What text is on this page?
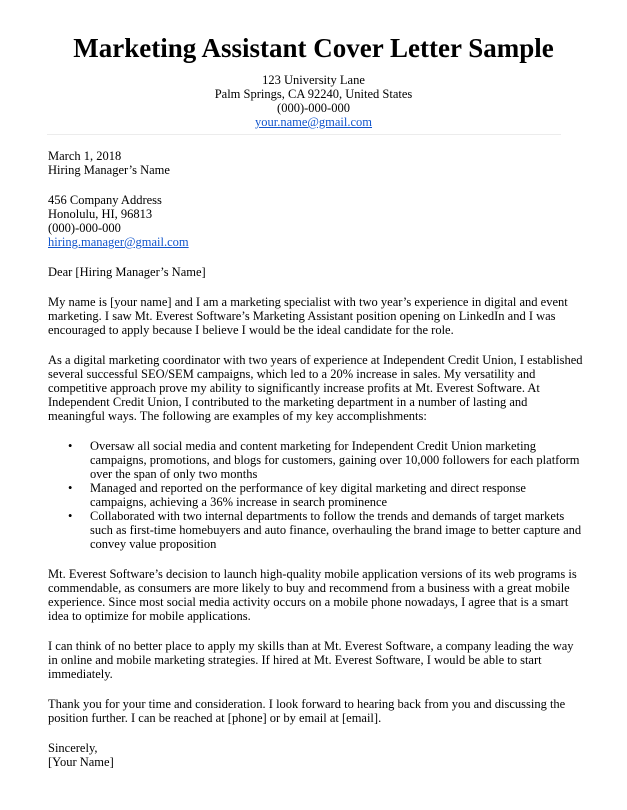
Marketing Assistant Cover Letter Sample
123 University Lane
Palm Springs, CA 92240, United States
(000)-000-000
your.name@gmail.com
March 1, 2018
Hiring Manager’s Name
456 Company Address
Honolulu, HI, 96813
(000)-000-000
hiring.manager@gmail.com
Dear [Hiring Manager’s Name]
My name is [your name] and I am a marketing specialist with two year’s experience in digital and event marketing. I saw Mt. Everest Software’s Marketing Assistant position opening on LinkedIn and I was encouraged to apply because I believe I would be the ideal candidate for the role.
As a digital marketing coordinator with two years of experience at Independent Credit Union, I established several successful SEO/SEM campaigns, which led to a 20% increase in sales. My versatility and competitive approach prove my ability to significantly increase profits at Mt. Everest Software. At Independent Credit Union, I contributed to the marketing department in a number of lasting and meaningful ways. The following are examples of my key accomplishments:
• Oversaw all social media and content marketing for Independent Credit Union marketing campaigns, promotions, and blogs for customers, gaining over 10,000 followers for each platform over the span of only two months
• Managed and reported on the performance of key digital marketing and direct response campaigns, achieving a 36% increase in search prominence
• Collaborated with two internal departments to follow the trends and demands of target markets such as first-time homebuyers and auto finance, overhauling the brand image to better capture and convey value proposition
Mt. Everest Software’s decision to launch high-quality mobile application versions of its web programs is commendable, as consumers are more likely to buy and recommend from a business with a great mobile experience. Since most social media activity occurs on a mobile phone nowadays, I agree that is a smart idea to optimize for mobile applications.
I can think of no better place to apply my skills than at Mt. Everest Software, a company leading the way in online and mobile marketing strategies. If hired at Mt. Everest Software, I would be able to start immediately.
Thank you for your time and consideration. I look forward to hearing back from you and discussing the position further. I can be reached at [phone] or by email at [email].
Sincerely,
[Your Name]
